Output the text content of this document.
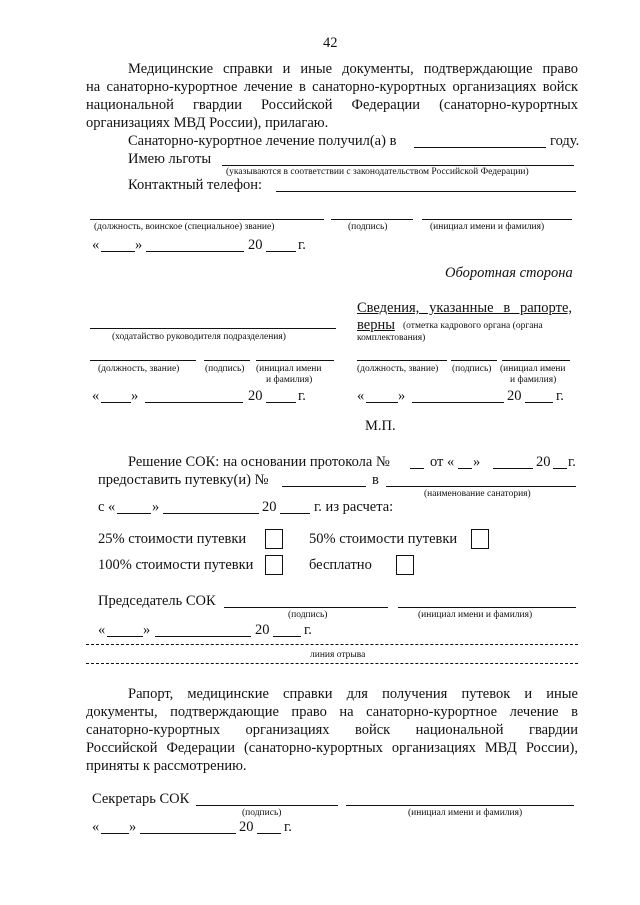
42
Медицинские справки и иные документы, подтверждающие право
на санаторно-курортное лечение в санаторно-курортных организациях войск
национальной гвардии Российской Федерации (санаторно-курортных
организациях МВД России), прилагаю.
Санаторно-курортное лечение получил(а) в	году.
Имею льготы
(указываются в соответствии с законодательством Российской Федерации)
Контактный телефон:
(должность, воинское (специальное) звание)	(подпись)	(инициал имени и фамилия)
« »	20 г.
Оборотная сторона
(ходатайство руководителя подразделения)
(должность, звание)	(подпись) (инициал имени
и фамилия)
« »	20 г.
Сведения, указанные в рапорте,
верны (отметка кадрового органа (органа
комплектования)
(должность, звание) (подпись) (инициал имени
и фамилия)
« »	20 г.
М.П.
Решение СОК: на основании протокола №	от « »	20 г.
предоставить путевку(и) №	в
(наименование санатория)
с «	»	20	г. из расчета:
25% стоимости путевки	50% стоимости путевки
100% стоимости путевки	бесплатно
Председатель СОК
(подпись)	(инициал имени и фамилия)
«	»	20 г.
линия отрыва
Рапорт, медицинские справки для получения путевок и иные
документы, подтверждающие право на санаторно-курортное лечение в
санаторно-курортных организациях войск национальной гвардии
Российской Федерации (санаторно-курортных организациях МВД России),
приняты к рассмотрению.
Секретарь СОК
(подпись)	(инициал имени и фамилия)
« »	20 г.
